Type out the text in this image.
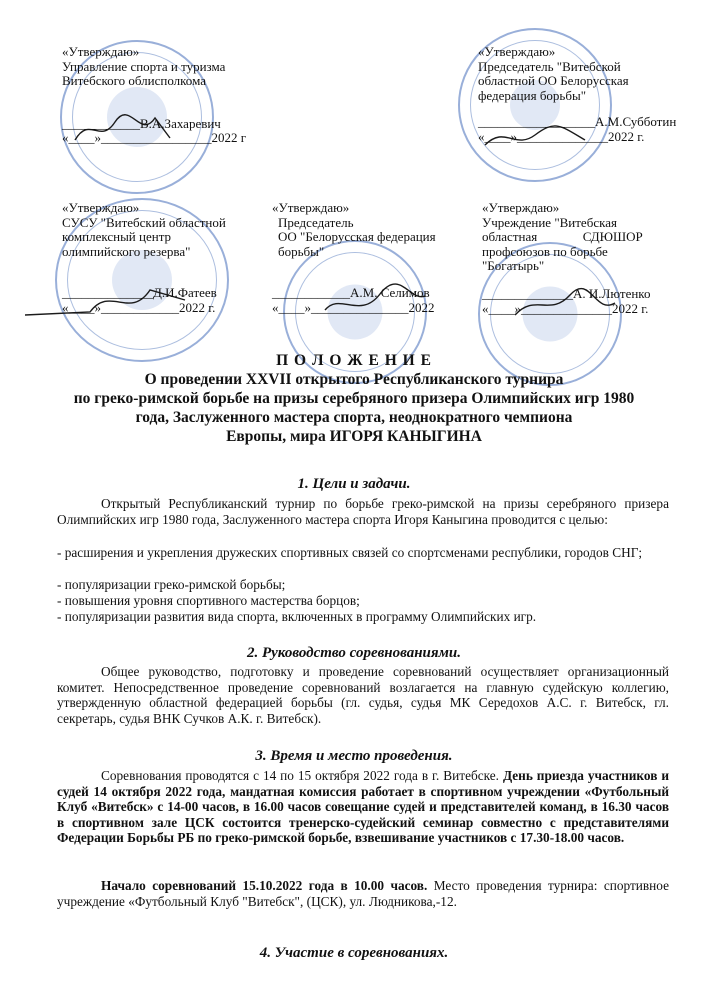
«Утверждаю»
Управление спорта и туризма
Витебского облисполкома
____________В.А.Захаревич
«____»_________________2022 г
«Утверждаю»
Председатель "Витебской
областной ОО Белорусская
федерация борьбы"
__________________А.М.Субботин
«____»______________2022 г.
«Утверждаю»
СУСУ "Витебский областной
комплексный центр
олимпийского резерва"
______________Д.И.Фатеев
«____»____________2022 г.
«Утверждаю»
Председатель
ОО "Белорусская федерация
борьбы"
____________А.М. Селимов
«____»_______________2022
«Утверждаю»
Учреждение "Витебская
областная              СДЮШОР
профсоюзов по борьбе
"Богатырь"
______________А. И.Лютенко
«____»______________2022 г.
П О Л О Ж Е Н И Е
О проведении XXVII открытого Республиканского турнира
по греко-римской борьбе на призы серебряного призера Олимпийских игр 1980
года, Заслуженного мастера спорта, неоднократного чемпиона
Европы, мира ИГОРЯ КАНЫГИНА
1. Цели и задачи.
Открытый Республиканский турнир по борьбе греко-римской на призы серебряного призера Олимпийских игр 1980 года, Заслуженного мастера спорта Игоря Каныгина проводится с целью:
- расширения и укрепления дружеских спортивных связей со спортсменами республики, городов СНГ;
- популяризации греко-римской борьбы;
- повышения уровня спортивного мастерства борцов;
- популяризации развития вида спорта, включенных в программу Олимпийских игр.
2. Руководство соревнованиями.
Общее руководство, подготовку и проведение соревнований осуществляет организационный комитет. Непосредственное проведение соревнований возлагается на главную судейскую коллегию, утвержденную областной федерацией борьбы (гл. судья, судья МК Середохов А.С. г. Витебск, гл. секретарь, судья ВНК Сучков А.К. г. Витебск).
3. Время и место проведения.
Соревнования проводятся с 14 по 15 октября 2022 года в г. Витебске. День приезда участников и судей 14 октября 2022 года, мандатная комиссия работает в спортивном учреждении «Футбольный Клуб «Витебск» с 14-00 часов, в 16.00 часов совещание судей и представителей команд, в 16.30 часов в спортивном зале ЦСК состоится тренерско-судейский семинар совместно с представителями Федерации Борьбы РБ по греко-римской борьбе, взвешивание участников с 17.30-18.00 часов.
Начало соревнований 15.10.2022 года в 10.00 часов. Место проведения турнира: спортивное учреждение «Футбольный Клуб "Витебск", (ЦСК), ул. Людникова,-12.
4. Участие в соревнованиях.
